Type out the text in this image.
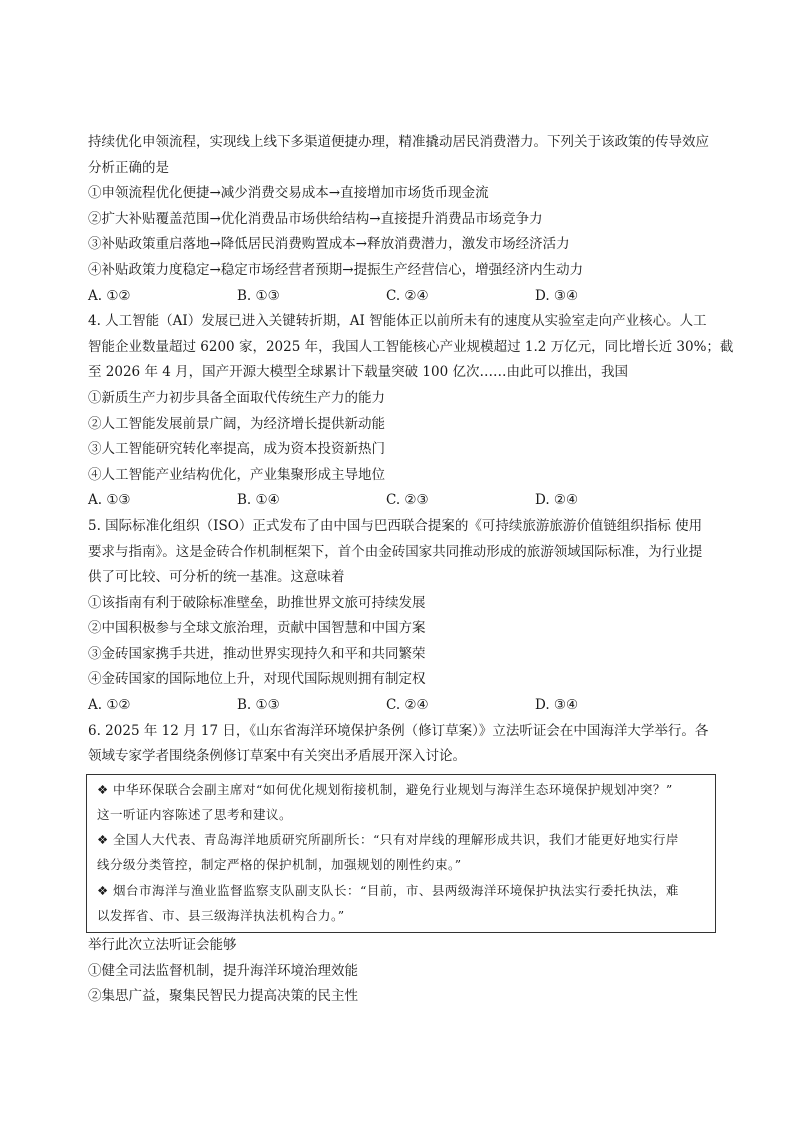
持续优化申领流程，实现线上线下多渠道便捷办理，精准撬动居民消费潜力。下列关于该政策的传导效应
分析正确的是
①申领流程优化便捷→减少消费交易成本→直接增加市场货币现金流
②扩大补贴覆盖范围→优化消费品市场供给结构→直接提升消费品市场竞争力
③补贴政策重启落地→降低居民消费购置成本→释放消费潜力，激发市场经济活力
④补贴政策力度稳定→稳定市场经营者预期→提振生产经营信心，增强经济内生动力
A. ①②	B. ①③	C. ②④	D. ③④
4. 人工智能（AI）发展已进入关键转折期，AI 智能体正以前所未有的速度从实验室走向产业核心。人工
智能企业数量超过 6200 家，2025 年，我国人工智能核心产业规模超过 1.2 万亿元，同比增长近 30%；截
至 2026 年 4 月，国产开源大模型全球累计下载量突破 100 亿次……由此可以推出，我国
①新质生产力初步具备全面取代传统生产力的能力
②人工智能发展前景广阔，为经济增长提供新动能
③人工智能研究转化率提高，成为资本投资新热门
④人工智能产业结构优化，产业集聚形成主导地位
A. ①③	B. ①④	C. ②③	D. ②④
5. 国际标准化组织（ISO）正式发布了由中国与巴西联合提案的《可持续旅游旅游价值链组织指标 使用
要求与指南》。这是金砖合作机制框架下，首个由金砖国家共同推动形成的旅游领域国际标准，为行业提
供了可比较、可分析的统一基准。这意味着
①该指南有利于破除标准壁垒，助推世界文旅可持续发展
②中国积极参与全球文旅治理，贡献中国智慧和中国方案
③金砖国家携手共进，推动世界实现持久和平和共同繁荣
④金砖国家的国际地位上升，对现代国际规则拥有制定权
A. ①②	B. ①③	C. ②④	D. ③④
6. 2025 年 12 月 17 日，《山东省海洋环境保护条例（修订草案）》立法听证会在中国海洋大学举行。各
领域专家学者围绕条例修订草案中有关突出矛盾展开深入讨论。
❖ 中华环保联合会副主席对“如何优化规划衔接机制，避免行业规划与海洋生态环境保护规划冲突？”
这一听证内容陈述了思考和建议。
❖ 全国人大代表、青岛海洋地质研究所副所长：“只有对岸线的理解形成共识，我们才能更好地实行岸
线分级分类管控，制定严格的保护机制，加强规划的刚性约束。”
❖ 烟台市海洋与渔业监督监察支队副支队长：“目前，市、县两级海洋环境保护执法实行委托执法，难
以发挥省、市、县三级海洋执法机构合力。”
举行此次立法听证会能够
①健全司法监督机制，提升海洋环境治理效能
②集思广益，聚集民智民力提高决策的民主性
